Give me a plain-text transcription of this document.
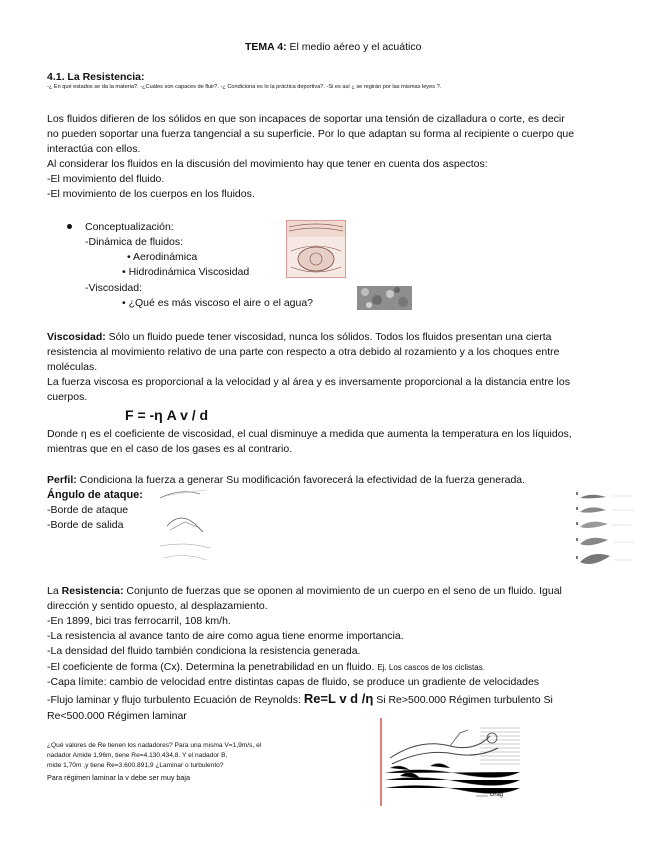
TEMA 4: El medio aéreo y el acuático
4.1. La Resistencia:
-¿ En qué estados se da la materia?. -¿Cuáles son capaces de fluir?. -¿ Condiciona es lo la práctica deportiva?. -Si es así ¿ se regirán por las mismas leyes ?.
Los fluidos difieren de los sólidos en que son incapaces de soportar una tensión de cizalladura o corte, es decir
no pueden soportar una fuerza tangencial a su superficie. Por lo que adaptan su forma al recipiente o cuerpo que
interactúa con ellos.
Al considerar los fluidos en la discusión del movimiento hay que tener en cuenta dos aspectos:
-El movimiento del fluido.
-El movimiento de los cuerpos en los fluidos.
Conceptualización:
-Dinámica de fluidos:
• Aerodinámica
• Hidrodinámica Viscosidad
-Viscosidad:
• ¿Qué es más viscoso el aire o el agua?
Viscosidad: Sólo un fluido puede tener viscosidad, nunca los sólidos. Todos los fluidos presentan una cierta
resistencia al movimiento relativo de una parte con respecto a otra debido al rozamiento y a los choques entre
moléculas.
La fuerza viscosa es proporcional a la velocidad y al área y es inversamente proporcional a la distancia entre los
cuerpos.
F = -η A v / d
Donde η es el coeficiente de viscosidad, el cual disminuye a medida que aumenta la temperatura en los líquidos,
mientras que en el caso de los gases es al contrario.
Perfil: Condiciona la fuerza a generar Su modificación favorecerá la efectividad de la fuerza generada.
Ángulo de ataque:
-Borde de ataque
-Borde de salida
La Resistencia: Conjunto de fuerzas que se oponen al movimiento de un cuerpo en el seno de un fluido. Igual
dirección y sentido opuesto, al desplazamiento.
-En 1899, bici tras ferrocarril, 108 km/h.
-La resistencia al avance tanto de aire como agua tiene enorme importancia.
-La densidad del fluido también condiciona la resistencia generada.
-El coeficiente de forma (Cx). Determina la penetrabilidad en un fluido. Ej. Los cascos de los ciclistas.
-Capa límite: cambio de velocidad entre distintas capas de fluido, se produce un gradiente de velocidades
-Flujo laminar y flujo turbulento Ecuación de Reynolds: Re=L v d /η Si Re>500.000 Régimen turbulento Si
Re<500.000 Régimen laminar
¿Qué valores de Re tienen los nadadores? Para una misma V=1,9m/s, el
nadador Amide 1,96m, tiene Re=4.130.434,8. Y el nadador B,
mide 1,70m ,y tiene Re=3.600.891,9 ¿Laminar o turbulento?
Para régimen laminar la v debe ser muy baja
Drag
